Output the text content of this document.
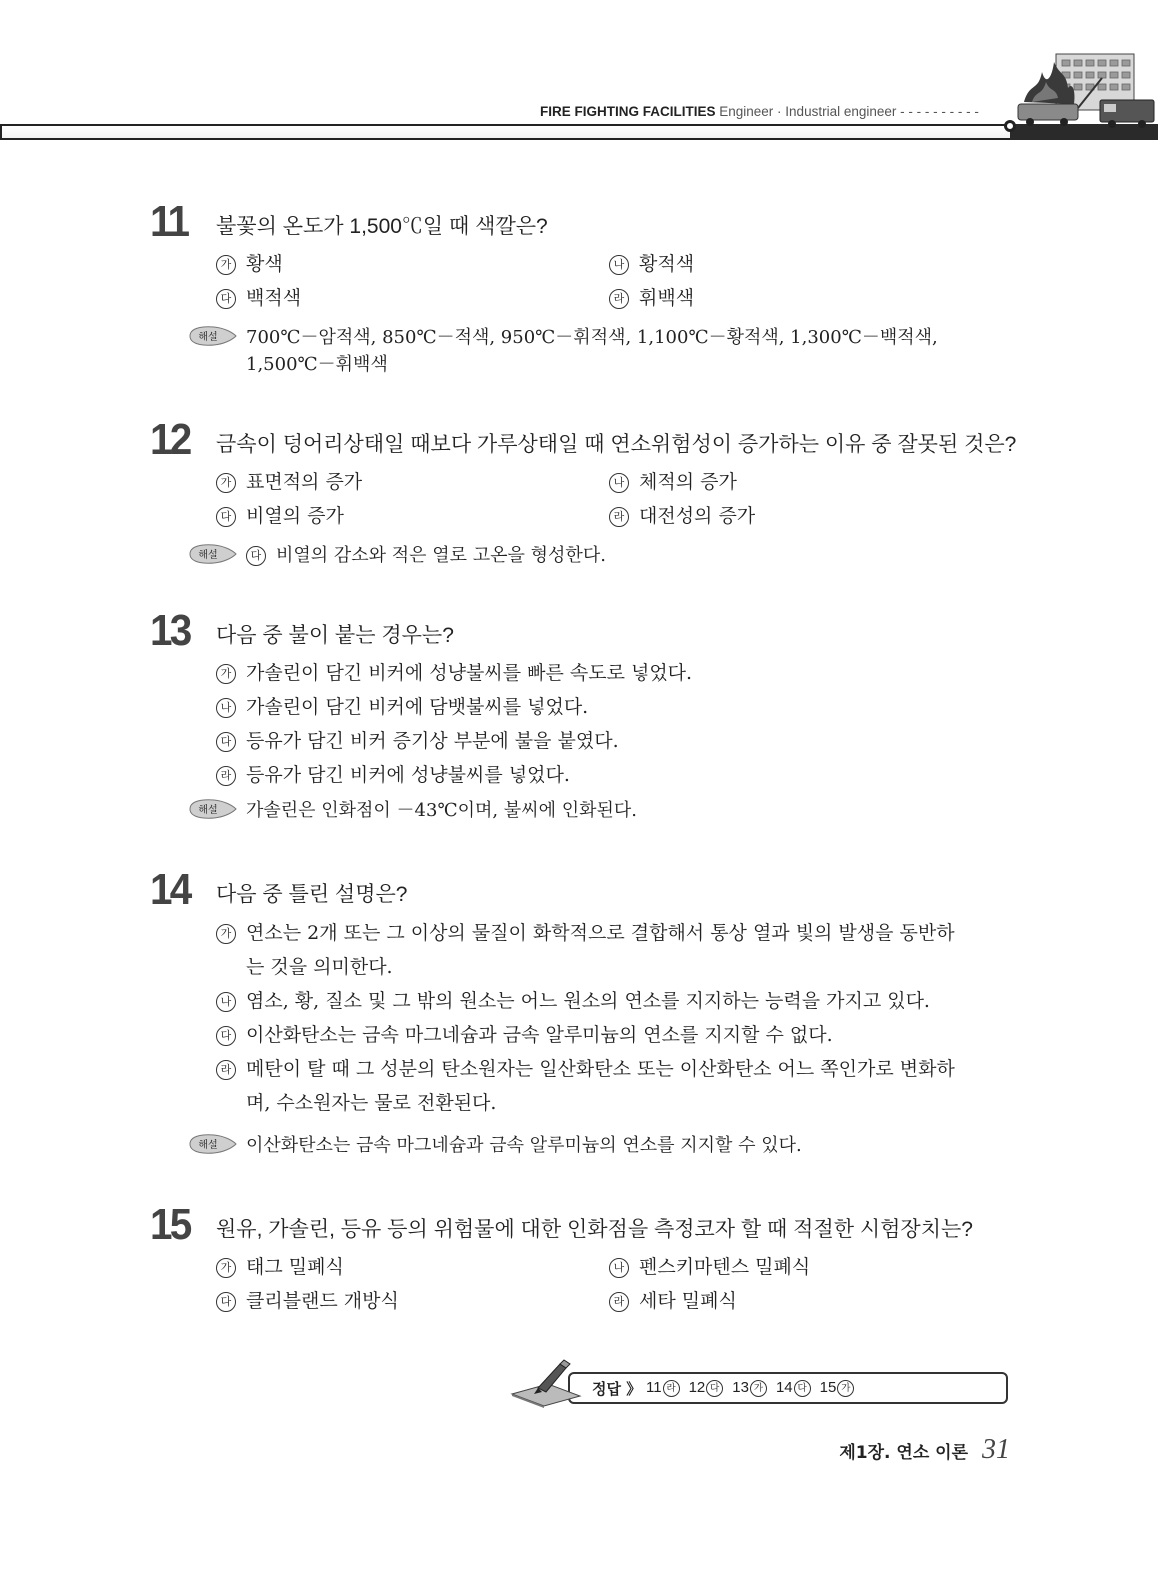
FIRE FIGHTING FACILITIES Engineer · Industrial engineer - - - - - - - - - -
11	불꽃의 온도가 1,500℃일 때 색깔은?
가 황색	나 황적색
다 백적색	라 휘백색
해설 700℃－암적색, 850℃－적색, 950℃－휘적색, 1,100℃－황적색, 1,300℃－백적색,
1,500℃－휘백색
12	금속이 덩어리상태일 때보다 가루상태일 때 연소위험성이 증가하는 이유 중 잘못된 것은?
가 표면적의 증가	나 체적의 증가
다 비열의 증가	라 대전성의 증가
해설	다 비열의 감소와 적은 열로 고온을 형성한다.
13	다음 중 불이 붙는 경우는?
가 가솔린이 담긴 비커에 성냥불씨를 빠른 속도로 넣었다.
나 가솔린이 담긴 비커에 담뱃불씨를 넣었다.
다 등유가 담긴 비커 증기상 부분에 불을 붙였다.
라 등유가 담긴 비커에 성냥불씨를 넣었다.
해설 가솔린은 인화점이 －43℃이며, 불씨에 인화된다.
14	다음 중 틀린 설명은?
가 연소는 2개 또는 그 이상의 물질이 화학적으로 결합해서 통상 열과 빛의 발생을 동반하
는 것을 의미한다.
나 염소, 황, 질소 및 그 밖의 원소는 어느 원소의 연소를 지지하는 능력을 가지고 있다.
다 이산화탄소는 금속 마그네슘과 금속 알루미늄의 연소를 지지할 수 없다.
라 메탄이 탈 때 그 성분의 탄소원자는 일산화탄소 또는 이산화탄소 어느 쪽인가로 변화하
며, 수소원자는 물로 전환된다.
해설 이산화탄소는 금속 마그네슘과 금속 알루미늄의 연소를 지지할 수 있다.
15	원유, 가솔린, 등유 등의 위험물에 대한 인화점을 측정코자 할 때 적절한 시험장치는?
가 태그 밀폐식	나 펜스키마텐스 밀폐식
다 클리블랜드 개방식	라 세타 밀폐식
정답 》 11 라 12 다 13 가 14 다 15 가
제1장. 연소 이론 31
